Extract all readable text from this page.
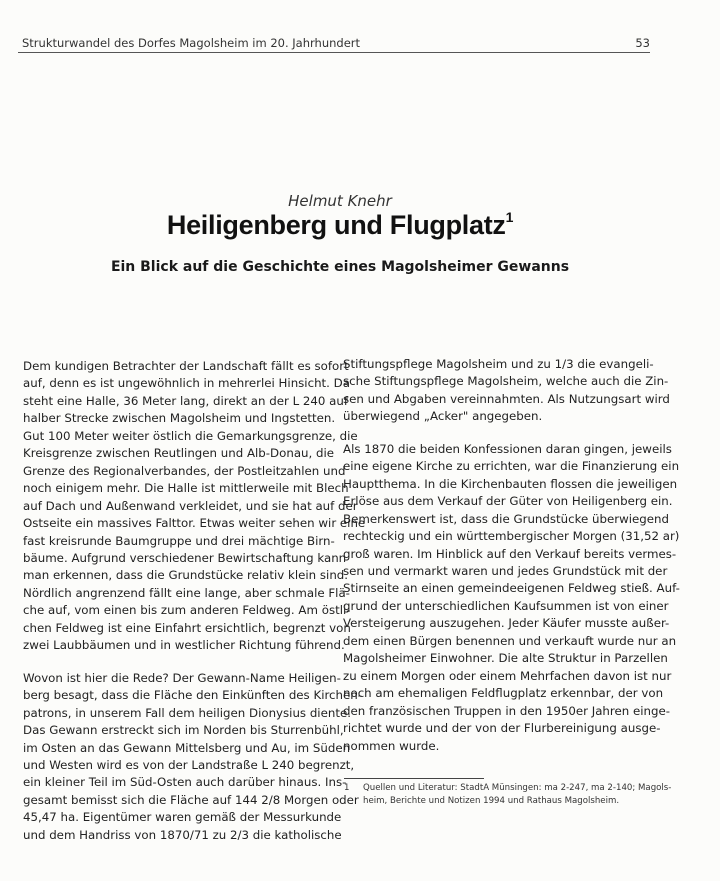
Strukturwandel des Dorfes Magolsheim im 20. Jahrhundert	53
Helmut Knehr
Heiligenberg und Flugplatz$^1$
Ein Blick auf die Geschichte eines Magolsheimer Gewanns

Dem kundigen Betrachter der Landschaft fällt es sofort
auf, denn es ist ungewöhnlich in mehrerlei Hinsicht. Da
steht eine Halle, 36 Meter lang, direkt an der L 240 auf
halber Strecke zwischen Magolsheim und Ingstetten.
Gut 100 Meter weiter östlich die Gemarkungsgrenze, die
Kreisgrenze zwischen Reutlingen und Alb-Donau, die
Grenze des Regionalverbandes, der Postleitzahlen und
noch einigem mehr. Die Halle ist mittlerweile mit Blech
auf Dach und Außenwand verkleidet, und sie hat auf der
Ostseite ein massives Falttor. Etwas weiter sehen wir eine
fast kreisrunde Baumgruppe und drei mächtige Birn-
bäume. Aufgrund verschiedener Bewirtschaftung kann
man erkennen, dass die Grundstücke relativ klein sind.
Nördlich angrenzend fällt eine lange, aber schmale Flä-
che auf, vom einen bis zum anderen Feldweg. Am östli-
chen Feldweg ist eine Einfahrt ersichtlich, begrenzt von
zwei Laubbäumen und in westlicher Richtung führend.

Wovon ist hier die Rede? Der Gewann-Name Heiligen-
berg besagt, dass die Fläche den Einkünften des Kirchen-
patrons, in unserem Fall dem heiligen Dionysius diente.
Das Gewann erstreckt sich im Norden bis Sturrenbühl,
im Osten an das Gewann Mittelsberg und Au, im Süden
und Westen wird es von der Landstraße L 240 begrenzt,
ein kleiner Teil im Süd-Osten auch darüber hinaus. Ins-
gesamt bemisst sich die Fläche auf 144 2/8 Morgen oder
45,47 ha. Eigentümer waren gemäß der Messurkunde
und dem Handriss von 1870/71 zu 2/3 die katholische

Stiftungspflege Magolsheim und zu 1/3 die evangeli-
sche Stiftungspflege Magolsheim, welche auch die Zin-
sen und Abgaben vereinnahmten. Als Nutzungsart wird
überwiegend „Acker" angegeben.

Als 1870 die beiden Konfessionen daran gingen, jeweils
eine eigene Kirche zu errichten, war die Finanzierung ein
Hauptthema. In die Kirchenbauten flossen die jeweiligen
Erlöse aus dem Verkauf der Güter von Heiligenberg ein.
Bemerkenswert ist, dass die Grundstücke überwiegend
rechteckig und ein württembergischer Morgen (31,52 ar)
groß waren. Im Hinblick auf den Verkauf bereits vermes-
sen und vermarkt waren und jedes Grundstück mit der
Stirnseite an einen gemeindeeigenen Feldweg stieß. Auf-
grund der unterschiedlichen Kaufsummen ist von einer
Versteigerung auszugehen. Jeder Käufer musste außer-
dem einen Bürgen benennen und verkauft wurde nur an
Magolsheimer Einwohner. Die alte Struktur in Parzellen
zu einem Morgen oder einem Mehrfachen davon ist nur
noch am ehemaligen Feldflugplatz erkennbar, der von
den französischen Truppen in den 1950er Jahren einge-
richtet wurde und der von der Flurbereinigung ausge-
nommen wurde.

1 Quellen und Literatur: StadtA Münsingen: ma 2-247, ma 2-140; Magols-
heim, Berichte und Notizen 1994 und Rathaus Magolsheim.
